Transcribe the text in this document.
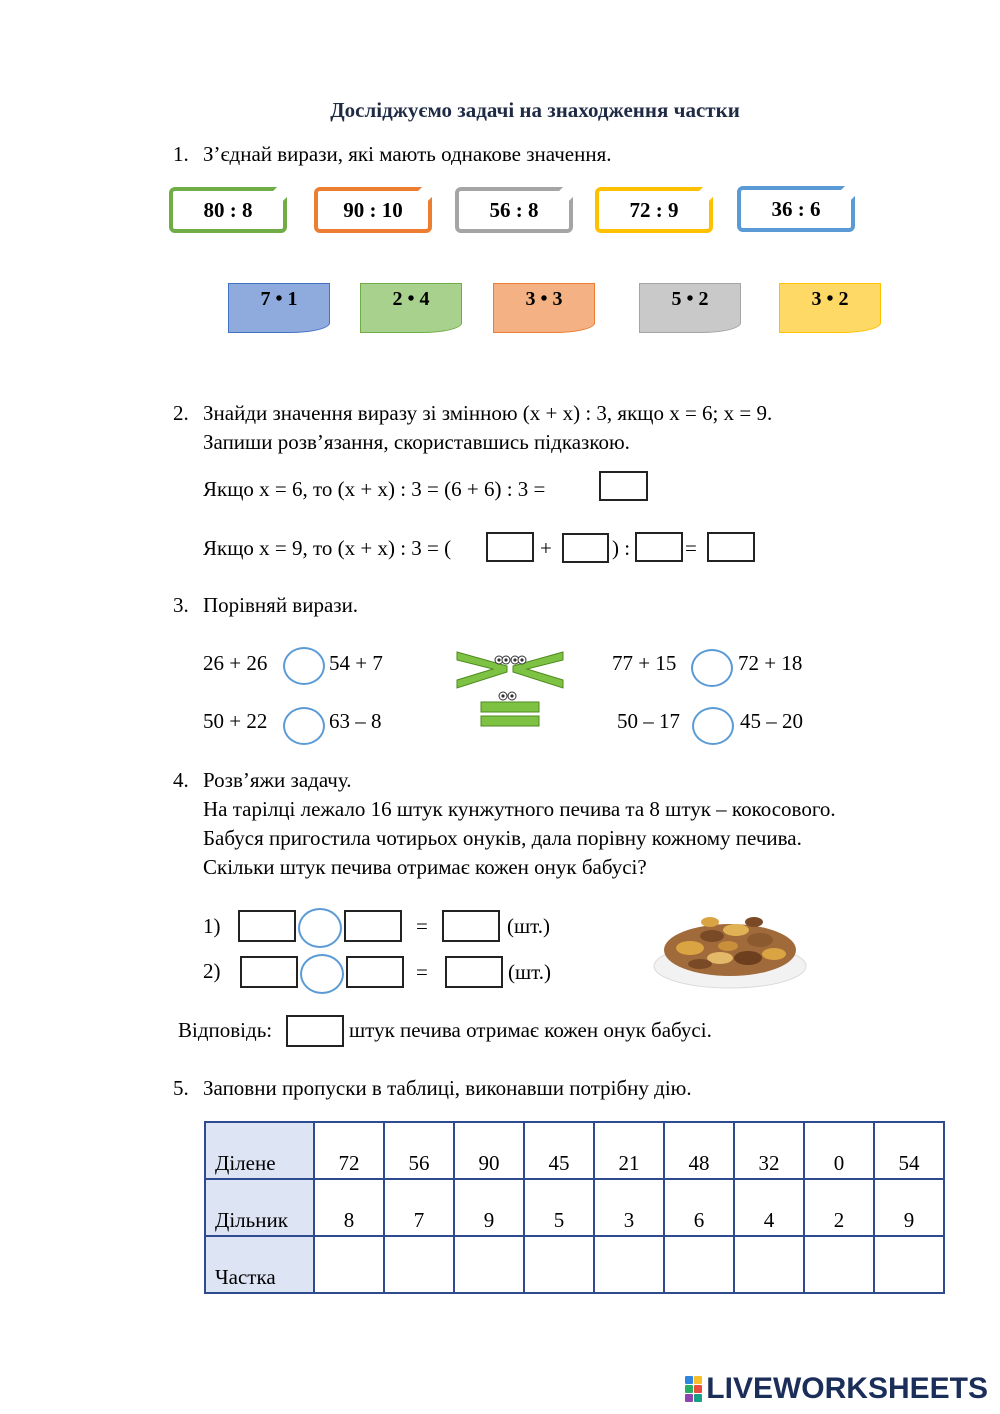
Досліджуємо задачі на знаходження частки
1. З’єднай вирази, які мають однакове значення.
80 : 8	90 : 10	56 : 8	72 : 9	36 : 6
7 • 1	2 • 4	3 • 3	5 • 2	3 • 2
2. Знайди значення виразу зі змінною (х + х) : 3, якщо х = 6; х = 9.
Запиши розв’язання, скориставшись підказкою.
Якщо х = 6, то (х + х) : 3 = (6 + 6) : 3 =
Якщо х = 9, то (х + х) : 3 = (	+	) :	=
3. Порівняй вирази.
26 + 26	54 + 7
50 + 22	63 – 8
77 + 15	72 + 18
50 – 17	45 – 20
4. Розв’яжи задачу.
На тарілці лежало 16 штук кунжутного печива та 8 штук – кокосового.
Бабуся пригостила чотирьох онуків, дала порівну кожному печива.
Скільки штук печива отримає кожен онук бабусі?
1)	=	(шт.)
2)	=	(шт.)
Відповідь:	штук печива отримає кожен онук бабусі.
5. Заповни пропуски в таблиці, виконавши потрібну дію.
Ділене	72	56	90	45	21	48	32	0	54
Дільник	8	7	9	5	3	6	4	2	9
Частка									
LIVEWORKSHEETS
